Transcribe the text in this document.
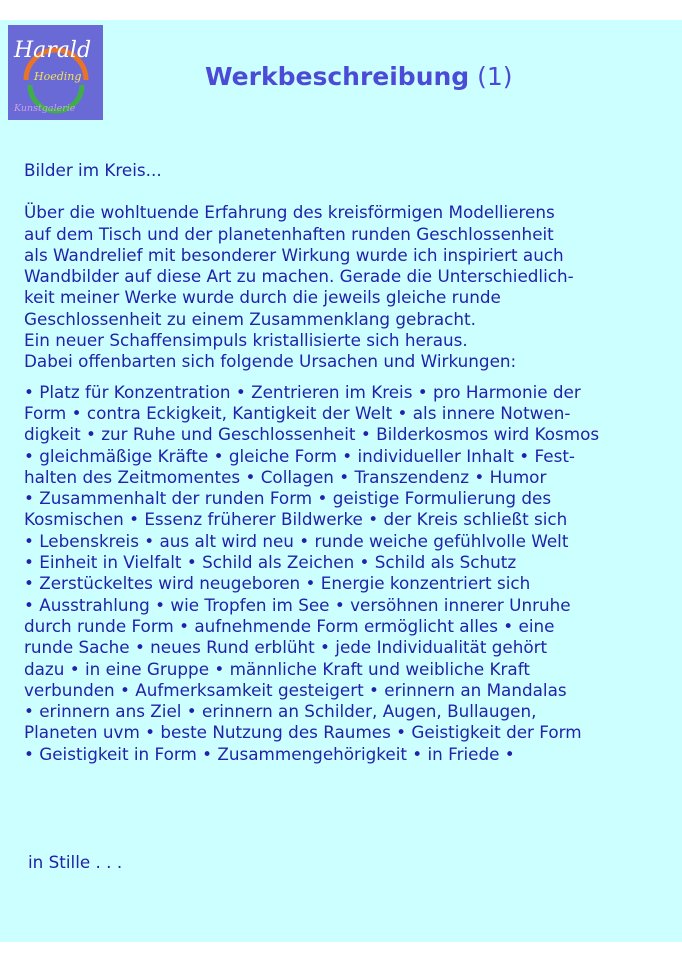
Harald
Hoeding
Kunstgalerie
Werkbeschreibung (1)

Bilder im Kreis...

Über die wohltuende Erfahrung des kreisförmigen Modellierens

auf dem Tisch und der planetenhaften runden Geschlossenheit

als Wandrelief mit besonderer Wirkung wurde ich inspiriert auch

Wandbilder auf diese Art zu machen. Gerade die Unterschiedlich-

keit meiner Werke wurde durch die jeweils gleiche runde

Geschlossenheit zu einem Zusammenklang gebracht.

Ein neuer Schaffensimpuls kristallisierte sich heraus.

Dabei offenbarten sich folgende Ursachen und Wirkungen:

• Platz für Konzentration • Zentrieren im Kreis • pro Harmonie der

Form • contra Eckigkeit, Kantigkeit der Welt • als innere Notwen-

digkeit • zur Ruhe und Geschlossenheit • Bilderkosmos wird Kosmos

• gleichmäßige Kräfte • gleiche Form • individueller Inhalt • Fest-

halten des Zeitmomentes • Collagen • Transzendenz • Humor

• Zusammenhalt der runden Form • geistige Formulierung des

Kosmischen • Essenz früherer Bildwerke • der Kreis schließt sich

• Lebenskreis • aus alt wird neu • runde weiche gefühlvolle Welt

• Einheit in Vielfalt • Schild als Zeichen • Schild als Schutz

• Zerstückeltes wird neugeboren • Energie konzentriert sich

• Ausstrahlung • wie Tropfen im See • versöhnen innerer Unruhe

durch runde Form • aufnehmende Form ermöglicht alles • eine

runde Sache • neues Rund erblüht • jede Individualität gehört

dazu • in eine Gruppe • männliche Kraft und weibliche Kraft

verbunden • Aufmerksamkeit gesteigert • erinnern an Mandalas

• erinnern ans Ziel • erinnern an Schilder, Augen, Bullaugen,

Planeten uvm • beste Nutzung des Raumes • Geistigkeit der Form

• Geistigkeit in Form • Zusammengehörigkeit • in Friede •

in Stille . . .
